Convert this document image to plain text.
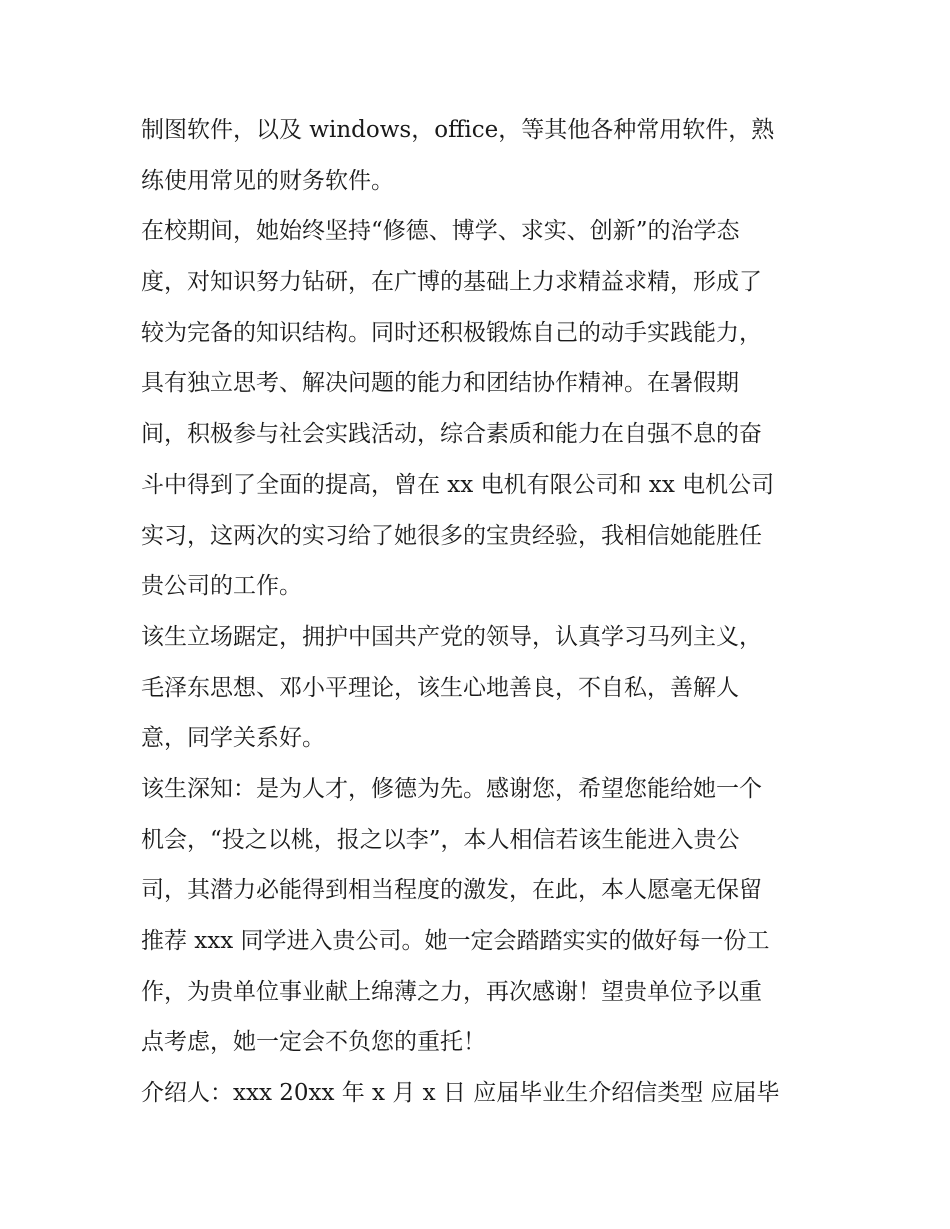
制图软件，以及 windows，office，等其他各种常用软件，熟
练使用常见的财务软件。
在校期间，她始终坚持“修德、博学、求实、创新”的治学态
度，对知识努力钻研，在广博的基础上力求精益求精，形成了
较为完备的知识结构。同时还积极锻炼自己的动手实践能力，
具有独立思考、解决问题的能力和团结协作精神。在暑假期
间，积极参与社会实践活动，综合素质和能力在自强不息的奋
斗中得到了全面的提高，曾在 xx 电机有限公司和 xx 电机公司
实习，这两次的实习给了她很多的宝贵经验，我相信她能胜任
贵公司的工作。
该生立场踞定，拥护中国共产党的领导，认真学习马列主义，
毛泽东思想、邓小平理论，该生心地善良，不自私，善解人
意，同学关系好。
该生深知：是为人才，修德为先。感谢您，希望您能给她一个
机会，“投之以桃，报之以李”，本人相信若该生能进入贵公
司，其潜力必能得到相当程度的激发，在此，本人愿毫无保留
推荐 xxx 同学进入贵公司。她一定会踏踏实实的做好每一份工
作，为贵单位事业献上绵薄之力，再次感谢！望贵单位予以重
点考虑，她一定会不负您的重托！
介绍人：xxx 20xx 年 x 月 x 日 应届毕业生介绍信类型 应届毕
